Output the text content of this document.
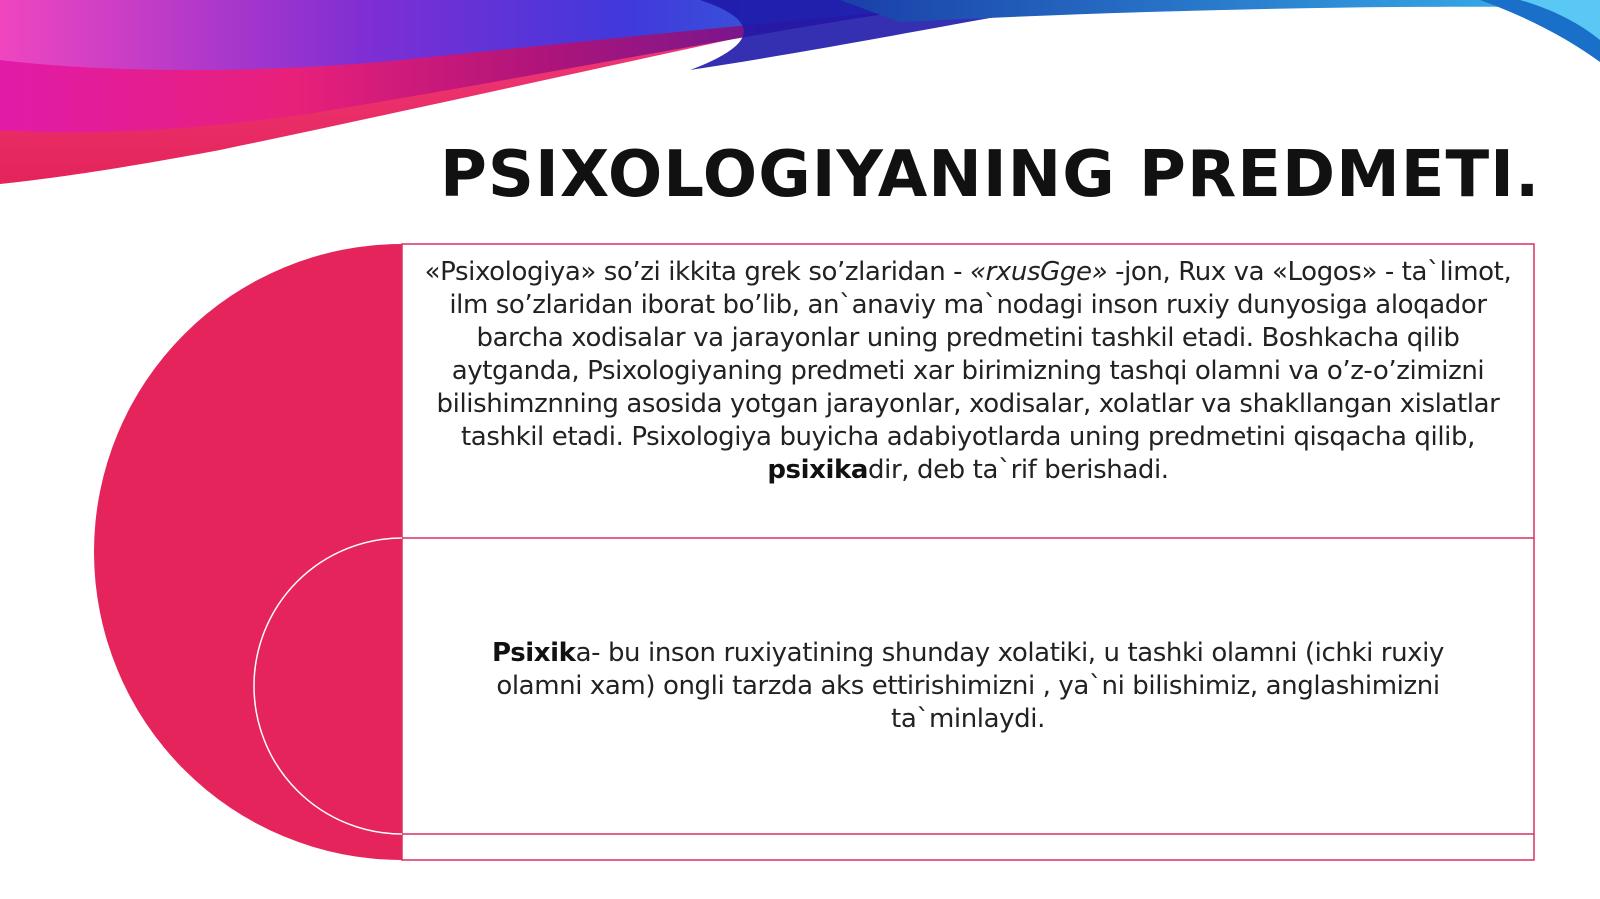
PSIXOLOGIYANING PREDMETI.

«Psixologiya» so’zi ikkita grek so’zlaridan - «rxusGge» -jon, Rux va «Logos» - ta`limot, ilm so’zlaridan iborat bo’lib, an`anaviy ma`nodagi inson ruxiy dunyosiga aloqador barcha xodisalar va jarayonlar uning predmetini tashkil etadi. Boshkacha qilib aytganda, Psixologiyaning predmeti xar birimizning tashqi olamni va o’z-o’zimizni bilishimznning asosida yotgan jarayonlar, xodisalar, xolatlar va shakllangan xislatlar tashkil etadi. Psixologiya buyicha adabiyotlarda uning predmetini qisqacha qilib, psixikadir, deb ta`rif berishadi.

Psixika- bu inson ruxiyatining shunday xolatiki, u tashki olamni (ichki ruxiy olamni xam) ongli tarzda aks ettirishimizni , ya`ni bilishimiz, anglashimizni ta`minlaydi.
